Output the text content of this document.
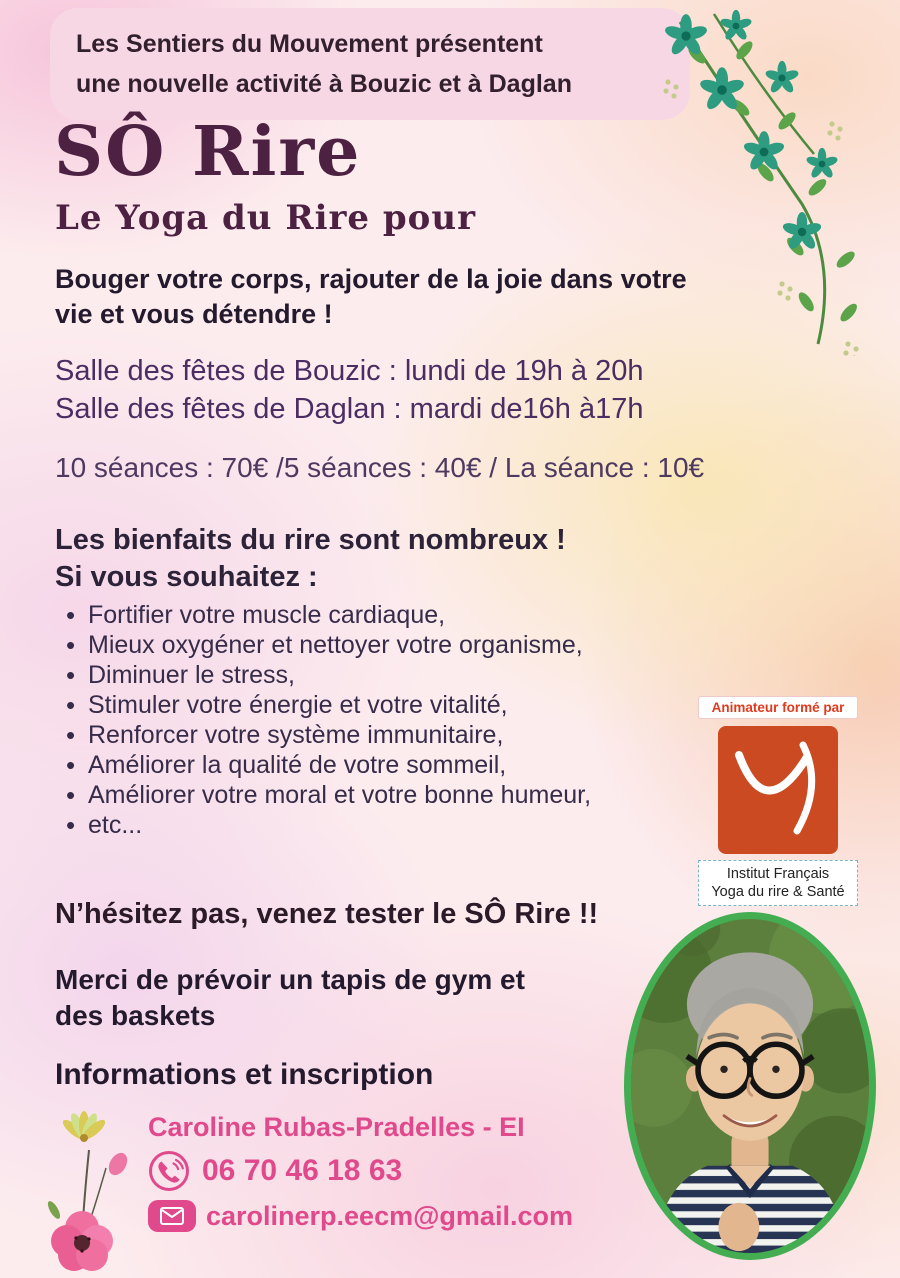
Les Sentiers du Mouvement présentent
une nouvelle activité à Bouzic et à Daglan
SÔ Rire
Le Yoga du Rire pour
Bouger votre corps, rajouter de la joie dans votre
vie et vous détendre !
Salle des fêtes de Bouzic : lundi de 19h à 20h
Salle des fêtes de Daglan : mardi de16h à17h
10 séances : 70€ /5 séances : 40€ / La séance : 10€
Les bienfaits du rire sont nombreux !
Si vous souhaitez :
• Fortifier votre muscle cardiaque,
• Mieux oxygéner et nettoyer votre organisme,
• Diminuer le stress,
• Stimuler votre énergie et votre vitalité,
• Renforcer votre système immunitaire,
• Améliorer la qualité de votre sommeil,
• Améliorer votre moral et votre bonne humeur,
• etc...
Animateur formé par
Institut Français
Yoga du rire & Santé
N’hésitez pas, venez tester le SÔ Rire !!
Merci de prévoir un tapis de gym et
des baskets
Informations et inscription
Caroline Rubas-Pradelles - EI
06 70 46 18 63
carolinerp.eecm@gmail.com
